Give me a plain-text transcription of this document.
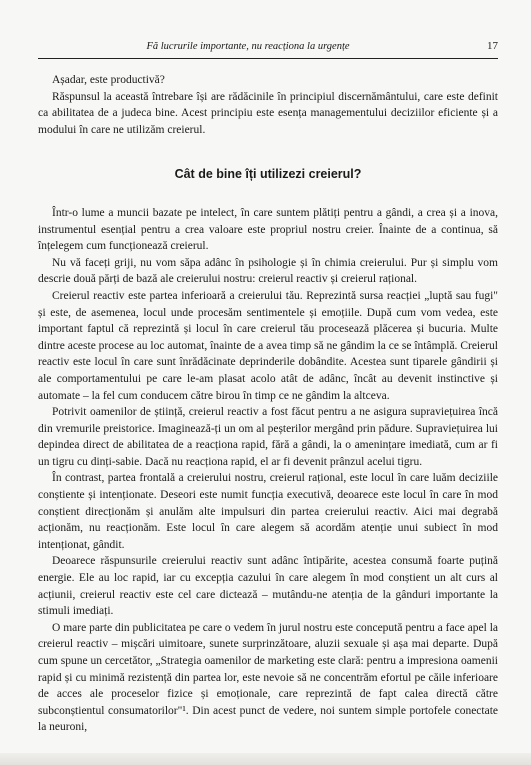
Fă lucrurile importante, nu reacționa la urgențe	17

Așadar, este productivă?

Răspunsul la această întrebare își are rădăcinile în principiul discernământului, care este definit ca abilitatea de a judeca bine. Acest principiu este esența managementului deciziilor eficiente și a modului în care ne utilizăm creierul.

Cât de bine îți utilizezi creierul?

Într-o lume a muncii bazate pe intelect, în care suntem plătiți pentru a gândi, a crea și a inova, instrumentul esențial pentru a crea valoare este propriul nostru creier. Înainte de a continua, să înțelegem cum funcționează creierul.

Nu vă faceți griji, nu vom săpa adânc în psihologie și în chimia creierului. Pur și simplu vom descrie două părți de bază ale creierului nostru: creierul reactiv și creierul rațional.

Creierul reactiv este partea inferioară a creierului tău. Reprezintă sursa reacției „luptă sau fugi" și este, de asemenea, locul unde procesăm sentimentele și emoțiile. După cum vom vedea, este important faptul că reprezintă și locul în care creierul tău procesează plăcerea și bucuria. Multe dintre aceste procese au loc automat, înainte de a avea timp să ne gândim la ce se întâmplă. Creierul reactiv este locul în care sunt înrădăcinate deprinderile dobândite. Acestea sunt tiparele gândirii și ale comportamentului pe care le-am plasat acolo atât de adânc, încât au devenit instinctive și automate – la fel cum conducem către birou în timp ce ne gândim la altceva.

Potrivit oamenilor de știință, creierul reactiv a fost făcut pentru a ne asigura supraviețuirea încă din vremurile preistorice. Imaginează-ți un om al peșterilor mergând prin pădure. Supraviețuirea lui depindea direct de abilitatea de a reacționa rapid, fără a gândi, la o amenințare imediată, cum ar fi un tigru cu dinți-sabie. Dacă nu reacționa rapid, el ar fi devenit prânzul acelui tigru.

În contrast, partea frontală a creierului nostru, creierul rațional, este locul în care luăm deciziile conștiente și intenționate. Deseori este numit funcția executivă, deoarece este locul în care în mod conștient direcționăm și anulăm alte impulsuri din partea creierului reactiv. Aici mai degrabă acționăm, nu reacționăm. Este locul în care alegem să acordăm atenție unui subiect în mod intenționat, gândit.

Deoarece răspunsurile creierului reactiv sunt adânc întipărite, acestea consumă foarte puțină energie. Ele au loc rapid, iar cu excepția cazului în care alegem în mod conștient un alt curs al acțiunii, creierul reactiv este cel care dictează – mutându-ne atenția de la gânduri importante la stimuli imediați.

O mare parte din publicitatea pe care o vedem în jurul nostru este concepută pentru a face apel la creierul reactiv – mișcări uimitoare, sunete surprinzătoare, aluzii sexuale și așa mai departe. După cum spune un cercetător, „Strategia oamenilor de marketing este clară: pentru a impresiona oamenii rapid și cu minimă rezistență din partea lor, este nevoie să ne concentrăm efortul pe căile inferioare de acces ale proceselor fizice și emoționale, care reprezintă de fapt calea directă către subconștientul consumatorilor"¹. Din acest punct de vedere, noi suntem simple portofele conectate la neuroni,
